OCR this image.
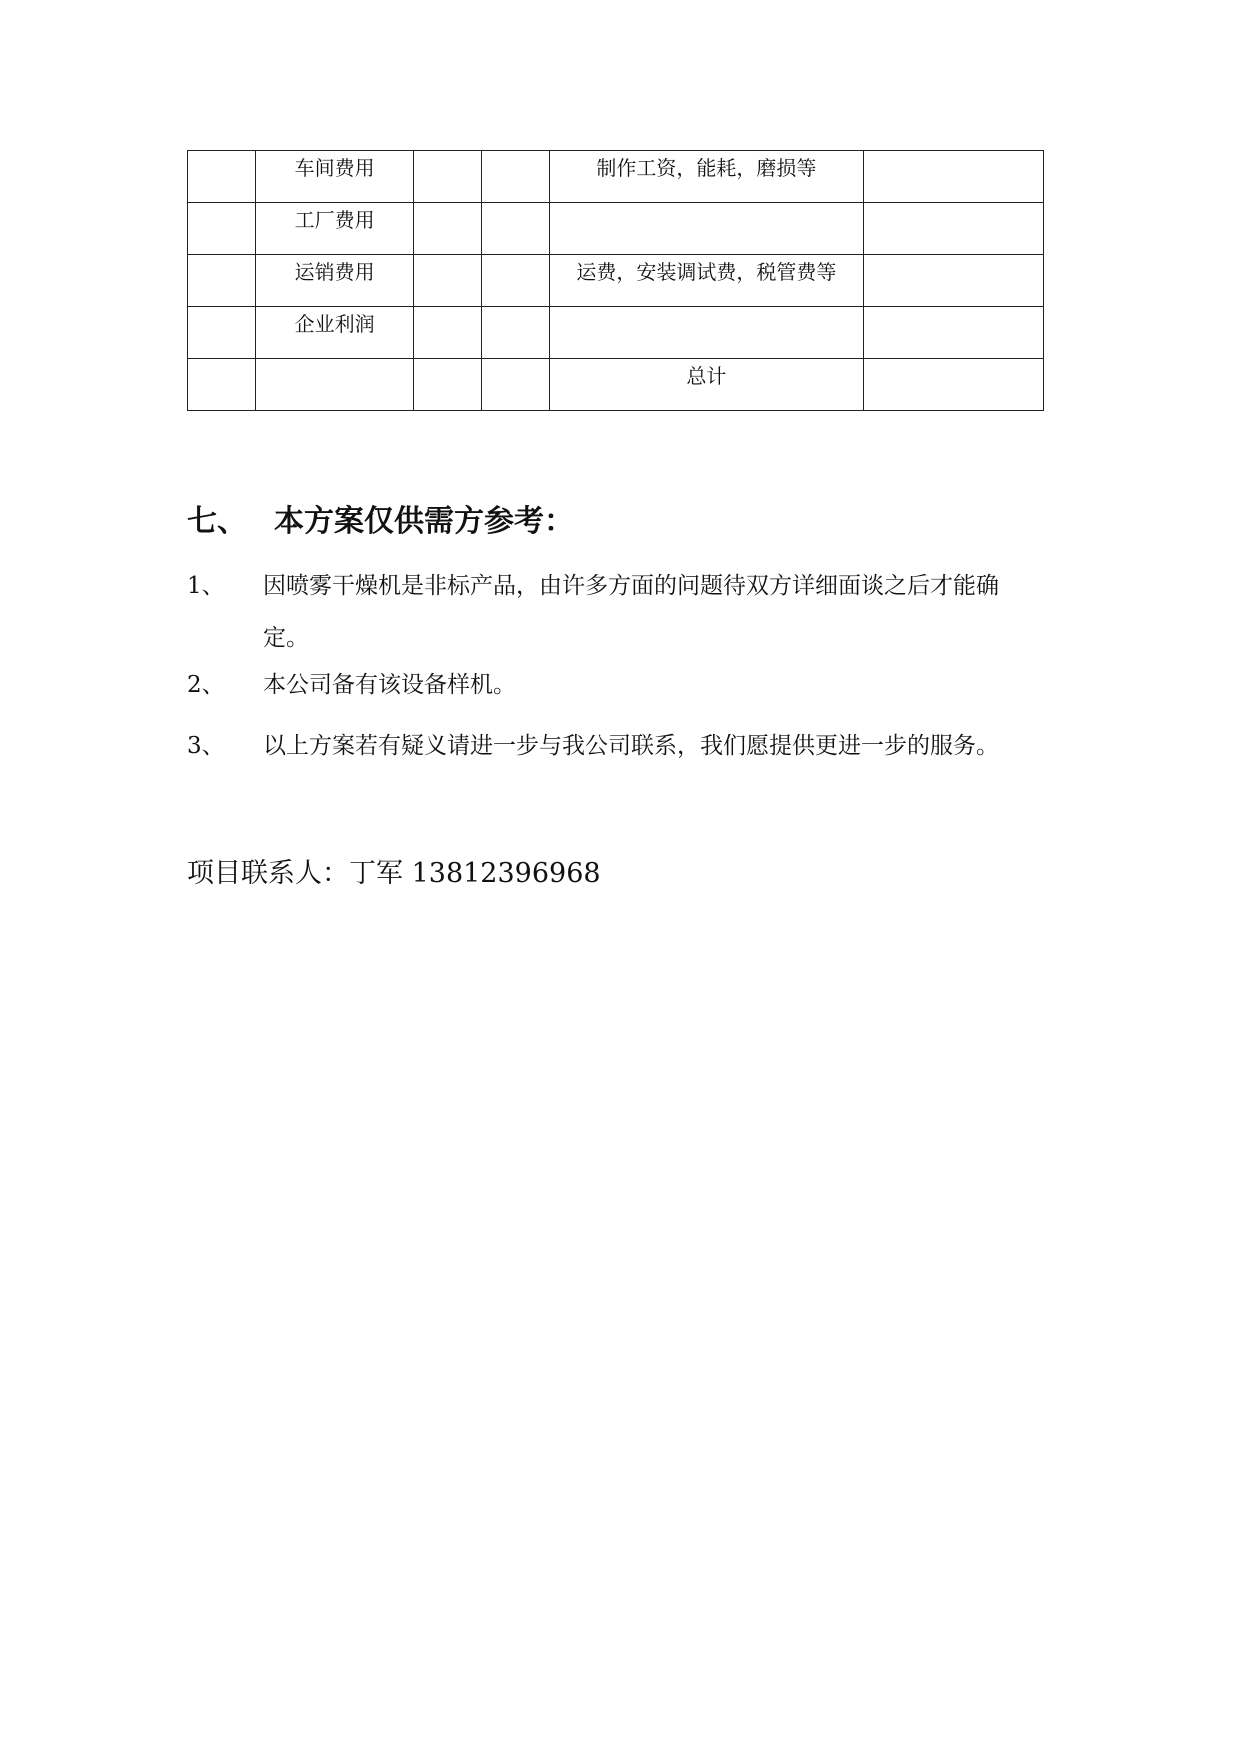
	车间费用			制作工资，能耗，磨损等	

	工厂费用				

	运销费用			运费，安装调试费，税管费等	

	企业利润				

				总计	

七、 本方案仅供需方参考：
1、 因喷雾干燥机是非标产品，由许多方面的问题待双方详细面谈之后才能确
定。
2、 本公司备有该设备样机。
3、 以上方案若有疑义请进一步与我公司联系，我们愿提供更进一步的服务。
项目联系人：丁军 13812396968
